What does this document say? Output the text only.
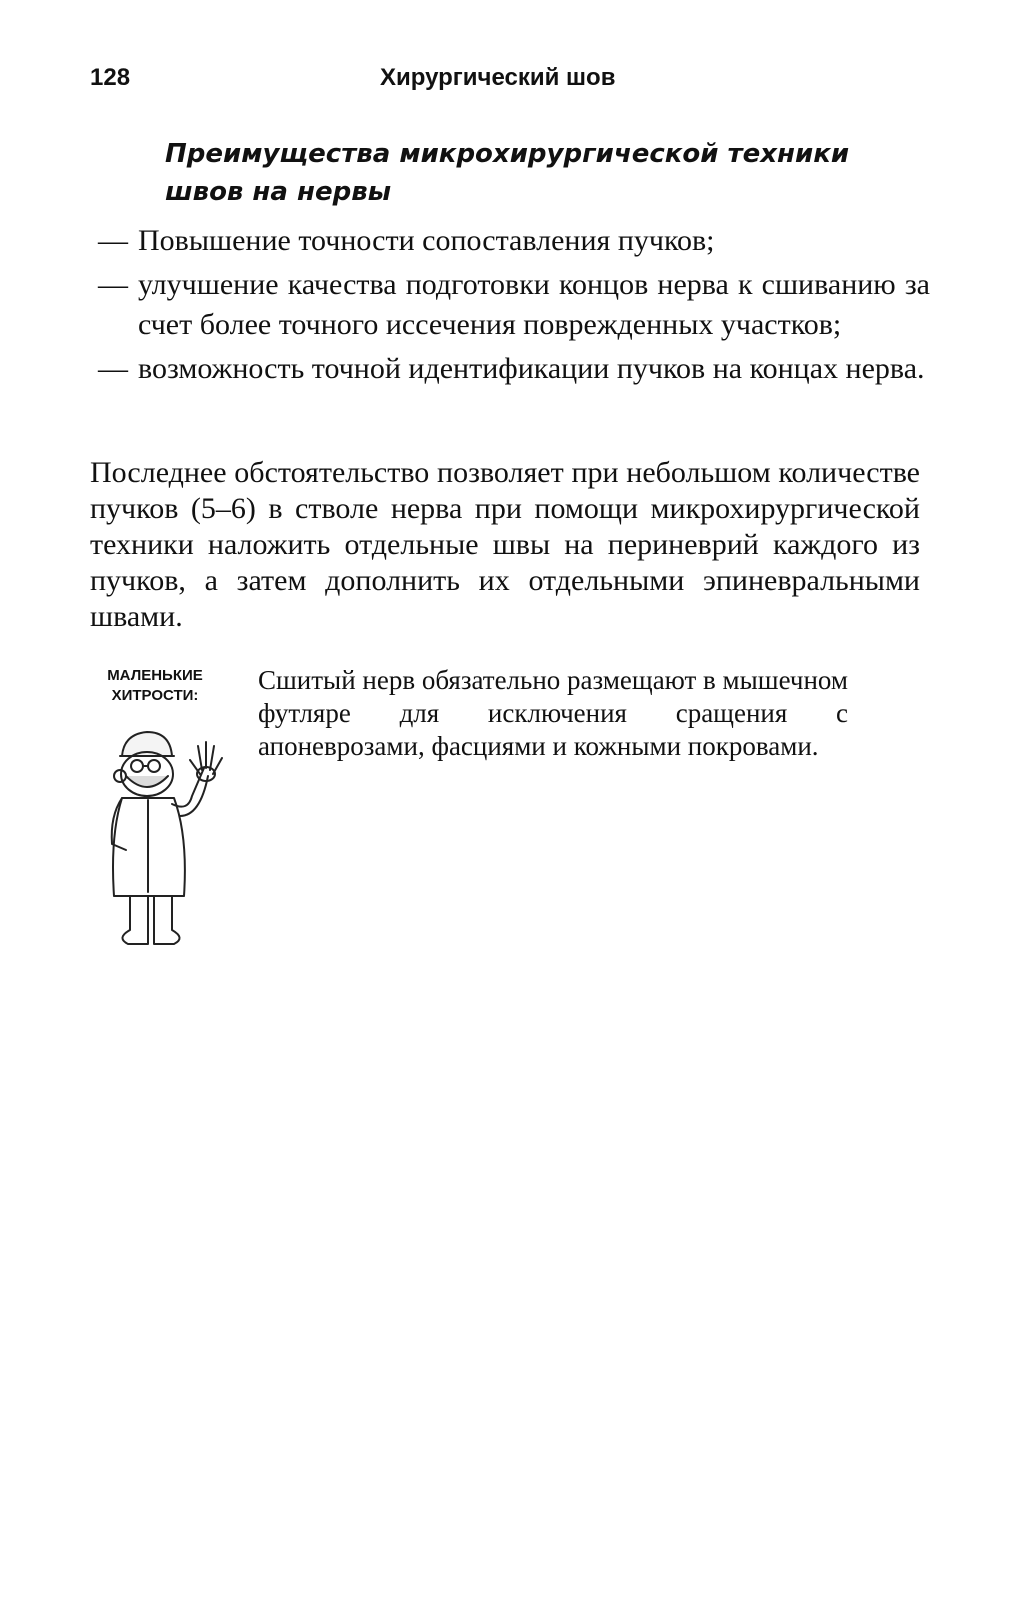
128	Хирургический шов
Преимущества микрохирургической техники швов на нервы
— Повышение точности сопоставления пучков;
— улучшение качества подготовки концов нерва к сшиванию за счет более точного иссечения поврежденных участков;
— возможность точной идентификации пучков на концах нерва.

Последнее обстоятельство позволяет при небольшом количестве пучков (5–6) в стволе нерва при помощи микрохирургической техники наложить отдельные швы на периневрий каждого из пучков, а затем дополнить их отдельными эпиневральными швами.

МАЛЕНЬКИЕ
ХИТРОСТИ:

Сшитый нерв обязательно размещают в мышечном футляре для исключения сращения с апоневрозами, фасциями и кожными покровами.
